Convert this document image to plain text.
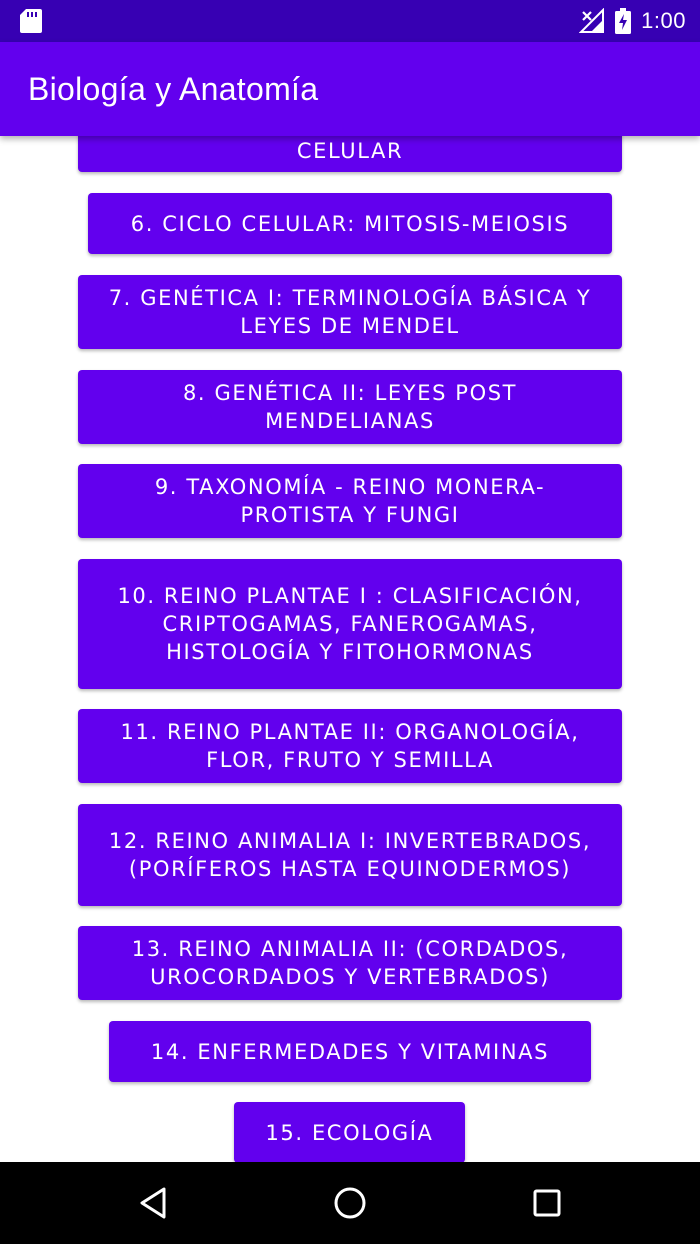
1:00
Biología y Anatomía
CELULAR
6. CICLO CELULAR: MITOSIS-MEIOSIS
7. GENÉTICA I: TERMINOLOGÍA BÁSICA Y LEYES DE MENDEL
8. GENÉTICA II: LEYES POST MENDELIANAS
9. TAXONOMÍA - REINO MONERA-PROTISTA Y FUNGI
10. REINO PLANTAE I : CLASIFICACIÓN, CRIPTOGAMAS, FANEROGAMAS, HISTOLOGÍA Y FITOHORMONAS
11. REINO PLANTAE II: ORGANOLOGÍA, FLOR, FRUTO Y SEMILLA
12. REINO ANIMALIA I: INVERTEBRADOS, (PORÍFEROS HASTA EQUINODERMOS)
13. REINO ANIMALIA II: (CORDADOS, UROCORDADOS Y VERTEBRADOS)
14. ENFERMEDADES Y VITAMINAS
15. ECOLOGÍA
